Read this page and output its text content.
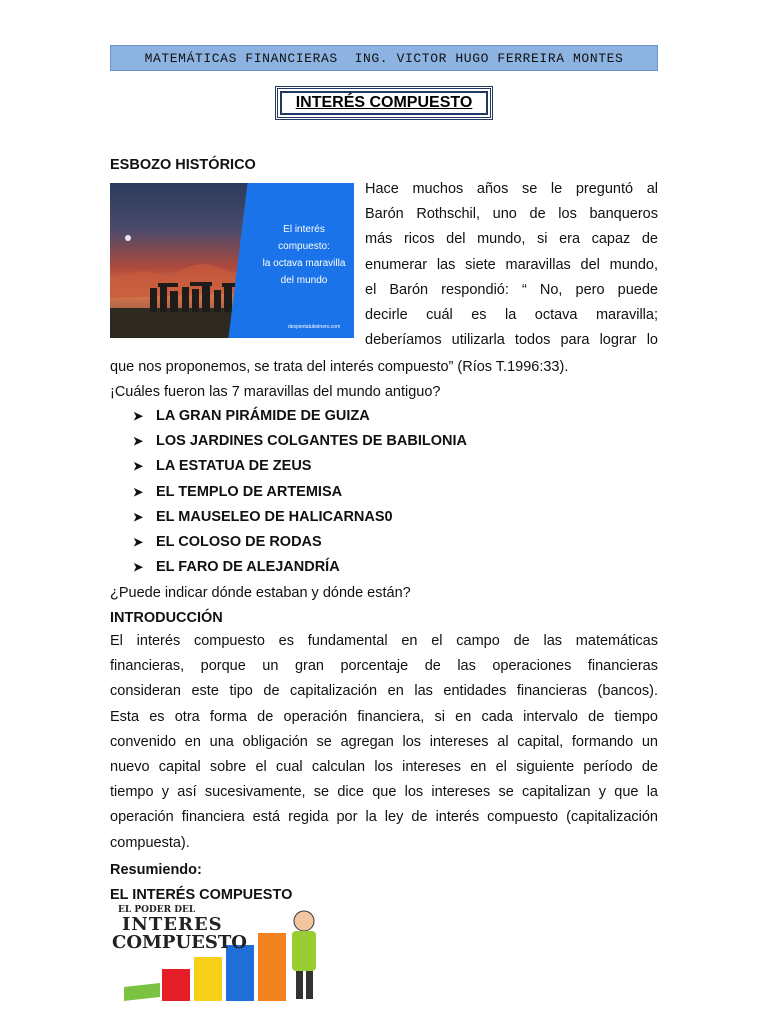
MATEMÁTICAS FINANCIERAS  ING. VICTOR HUGO FERREIRA MONTES
INTERÉS COMPUESTO
ESBOZO HISTÓRICO
El interés
compuesto:
la octava maravilla
del mundo
despiertatubolnero.com
Hace muchos años se le preguntó al
Barón Rothschil, uno de los banqueros
más ricos del mundo, si era capaz de
enumerar las siete maravillas del mundo,
el Barón respondió: “ No, pero puede
decirle cuál es la octava maravilla;
deberíamos utilizarla todos para lograr lo
que nos proponemos, se trata del interés compuesto” (Ríos T.1996:33).
¡Cuáles fueron las 7 maravillas del mundo antiguo?
➤ LA GRAN PIRÁMIDE DE GUIZA
➤ LOS JARDINES COLGANTES DE BABILONIA
➤ LA ESTATUA DE ZEUS
➤ EL TEMPLO DE ARTEMISA
➤ EL MAUSELEO DE HALICARNAS0
➤ EL COLOSO DE RODAS
➤ EL FARO DE ALEJANDRÍA
¿Puede indicar dónde estaban y dónde están?
INTRODUCCIÓN
El interés compuesto es fundamental en el campo de las matemáticas
financieras, porque un gran porcentaje de las operaciones financieras
consideran este tipo de capitalización en las entidades financieras (bancos).
Esta es otra forma de operación financiera, si en cada intervalo de tiempo
convenido en una obligación se agregan los intereses al capital, formando un
nuevo capital sobre el cual calculan los intereses en el siguiente período de
tiempo y así sucesivamente, se dice que los intereses se capitalizan y que la
operación financiera está regida por la ley de interés compuesto (capitalización
compuesta).
Resumiendo:
EL INTERÉS COMPUESTO
EL PODER DEL
INTERES
COMPUESTO
